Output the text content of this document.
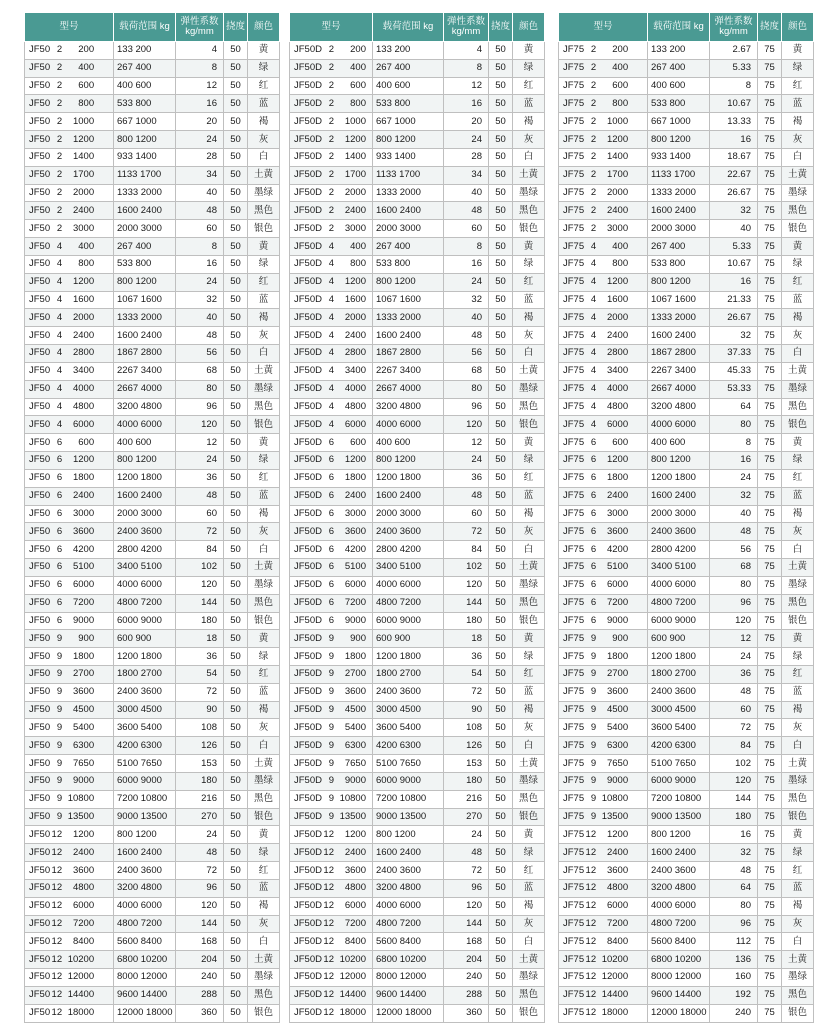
型号	载荷范围 kg	弹性系数
kg/mm	挠度	颜色
JF50 2 200	133 200	4	50	黄
JF50 2 400	267 400	8	50	绿
JF50 2 600	400 600	12	50	红
JF50 2 800	533 800	16	50	蓝
JF50 2 1000	667 1000	20	50	褐
JF50 2 1200	800 1200	24	50	灰
JF50 2 1400	933 1400	28	50	白
JF50 2 1700	1133 1700	34	50	土黄
JF50 2 2000	1333 2000	40	50	墨绿
JF50 2 2400	1600 2400	48	50	黑色
JF50 2 3000	2000 3000	60	50	银色
JF50 4 400	267 400	8	50	黄
JF50 4 800	533 800	16	50	绿
JF50 4 1200	800 1200	24	50	红
JF50 4 1600	1067 1600	32	50	蓝
JF50 4 2000	1333 2000	40	50	褐
JF50 4 2400	1600 2400	48	50	灰
JF50 4 2800	1867 2800	56	50	白
JF50 4 3400	2267 3400	68	50	土黄
JF50 4 4000	2667 4000	80	50	墨绿
JF50 4 4800	3200 4800	96	50	黑色
JF50 4 6000	4000 6000	120	50	银色
JF50 6 600	400 600	12	50	黄
JF50 6 1200	800 1200	24	50	绿
JF50 6 1800	1200 1800	36	50	红
JF50 6 2400	1600 2400	48	50	蓝
JF50 6 3000	2000 3000	60	50	褐
JF50 6 3600	2400 3600	72	50	灰
JF50 6 4200	2800 4200	84	50	白
JF50 6 5100	3400 5100	102	50	土黄
JF50 6 6000	4000 6000	120	50	墨绿
JF50 6 7200	4800 7200	144	50	黑色
JF50 6 9000	6000 9000	180	50	银色
JF50 9 900	600 900	18	50	黄
JF50 9 1800	1200 1800	36	50	绿
JF50 9 2700	1800 2700	54	50	红
JF50 9 3600	2400 3600	72	50	蓝
JF50 9 4500	3000 4500	90	50	褐
JF50 9 5400	3600 5400	108	50	灰
JF50 9 6300	4200 6300	126	50	白
JF50 9 7650	5100 7650	153	50	土黄
JF50 9 9000	6000 9000	180	50	墨绿
JF50 9 10800	7200 10800	216	50	黑色
JF50 9 13500	9000 13500	270	50	银色
JF5012 1200	800 1200	24	50	黄
JF5012 2400	1600 2400	48	50	绿
JF5012 3600	2400 3600	72	50	红
JF5012 4800	3200 4800	96	50	蓝
JF5012 6000	4000 6000	120	50	褐
JF5012 7200	4800 7200	144	50	灰
JF5012 8400	5600 8400	168	50	白
JF5012 10200	6800 10200	204	50	土黄
JF5012 12000	8000 12000	240	50	墨绿
JF5012 14400	9600 14400	288	50	黑色
JF5012 18000	12000 18000	360	50	银色
型号	载荷范围 kg	弹性系数
kg/mm	挠度	颜色
JF50D 2 200	133 200	4	50	黄
JF50D 2 400	267 400	8	50	绿
JF50D 2 600	400 600	12	50	红
JF50D 2 800	533 800	16	50	蓝
JF50D 2 1000	667 1000	20	50	褐
JF50D 2 1200	800 1200	24	50	灰
JF50D 2 1400	933 1400	28	50	白
JF50D 2 1700	1133 1700	34	50	土黄
JF50D 2 2000	1333 2000	40	50	墨绿
JF50D 2 2400	1600 2400	48	50	黑色
JF50D 2 3000	2000 3000	60	50	银色
JF50D 4 400	267 400	8	50	黄
JF50D 4 800	533 800	16	50	绿
JF50D 4 1200	800 1200	24	50	红
JF50D 4 1600	1067 1600	32	50	蓝
JF50D 4 2000	1333 2000	40	50	褐
JF50D 4 2400	1600 2400	48	50	灰
JF50D 4 2800	1867 2800	56	50	白
JF50D 4 3400	2267 3400	68	50	土黄
JF50D 4 4000	2667 4000	80	50	墨绿
JF50D 4 4800	3200 4800	96	50	黑色
JF50D 4 6000	4000 6000	120	50	银色
JF50D 6 600	400 600	12	50	黄
JF50D 6 1200	800 1200	24	50	绿
JF50D 6 1800	1200 1800	36	50	红
JF50D 6 2400	1600 2400	48	50	蓝
JF50D 6 3000	2000 3000	60	50	褐
JF50D 6 3600	2400 3600	72	50	灰
JF50D 6 4200	2800 4200	84	50	白
JF50D 6 5100	3400 5100	102	50	土黄
JF50D 6 6000	4000 6000	120	50	墨绿
JF50D 6 7200	4800 7200	144	50	黑色
JF50D 6 9000	6000 9000	180	50	银色
JF50D 9 900	600 900	18	50	黄
JF50D 9 1800	1200 1800	36	50	绿
JF50D 9 2700	1800 2700	54	50	红
JF50D 9 3600	2400 3600	72	50	蓝
JF50D 9 4500	3000 4500	90	50	褐
JF50D 9 5400	3600 5400	108	50	灰
JF50D 9 6300	4200 6300	126	50	白
JF50D 9 7650	5100 7650	153	50	土黄
JF50D 9 9000	6000 9000	180	50	墨绿
JF50D 9 10800	7200 10800	216	50	黑色
JF50D 9 13500	9000 13500	270	50	银色
JF50D12 1200	800 1200	24	50	黄
JF50D12 2400	1600 2400	48	50	绿
JF50D12 3600	2400 3600	72	50	红
JF50D12 4800	3200 4800	96	50	蓝
JF50D12 6000	4000 6000	120	50	褐
JF50D12 7200	4800 7200	144	50	灰
JF50D12 8400	5600 8400	168	50	白
JF50D12 10200	6800 10200	204	50	土黄
JF50D12 12000	8000 12000	240	50	墨绿
JF50D12 14400	9600 14400	288	50	黑色
JF50D12 18000	12000 18000	360	50	银色
型号	载荷范围 kg	弹性系数
kg/mm	挠度	颜色
JF75 2 200	133 200	2.67	75	黄
JF75 2 400	267 400	5.33	75	绿
JF75 2 600	400 600	8	75	红
JF75 2 800	533 800	10.67	75	蓝
JF75 2 1000	667 1000	13.33	75	褐
JF75 2 1200	800 1200	16	75	灰
JF75 2 1400	933 1400	18.67	75	白
JF75 2 1700	1133 1700	22.67	75	土黄
JF75 2 2000	1333 2000	26.67	75	墨绿
JF75 2 2400	1600 2400	32	75	黑色
JF75 2 3000	2000 3000	40	75	银色
JF75 4 400	267 400	5.33	75	黄
JF75 4 800	533 800	10.67	75	绿
JF75 4 1200	800 1200	16	75	红
JF75 4 1600	1067 1600	21.33	75	蓝
JF75 4 2000	1333 2000	26.67	75	褐
JF75 4 2400	1600 2400	32	75	灰
JF75 4 2800	1867 2800	37.33	75	白
JF75 4 3400	2267 3400	45.33	75	土黄
JF75 4 4000	2667 4000	53.33	75	墨绿
JF75 4 4800	3200 4800	64	75	黑色
JF75 4 6000	4000 6000	80	75	银色
JF75 6 600	400 600	8	75	黄
JF75 6 1200	800 1200	16	75	绿
JF75 6 1800	1200 1800	24	75	红
JF75 6 2400	1600 2400	32	75	蓝
JF75 6 3000	2000 3000	40	75	褐
JF75 6 3600	2400 3600	48	75	灰
JF75 6 4200	2800 4200	56	75	白
JF75 6 5100	3400 5100	68	75	土黄
JF75 6 6000	4000 6000	80	75	墨绿
JF75 6 7200	4800 7200	96	75	黑色
JF75 6 9000	6000 9000	120	75	银色
JF75 9 900	600 900	12	75	黄
JF75 9 1800	1200 1800	24	75	绿
JF75 9 2700	1800 2700	36	75	红
JF75 9 3600	2400 3600	48	75	蓝
JF75 9 4500	3000 4500	60	75	褐
JF75 9 5400	3600 5400	72	75	灰
JF75 9 6300	4200 6300	84	75	白
JF75 9 7650	5100 7650	102	75	土黄
JF75 9 9000	6000 9000	120	75	墨绿
JF75 9 10800	7200 10800	144	75	黑色
JF75 9 13500	9000 13500	180	75	银色
JF7512 1200	800 1200	16	75	黄
JF7512 2400	1600 2400	32	75	绿
JF7512 3600	2400 3600	48	75	红
JF7512 4800	3200 4800	64	75	蓝
JF7512 6000	4000 6000	80	75	褐
JF7512 7200	4800 7200	96	75	灰
JF7512 8400	5600 8400	112	75	白
JF7512 10200	6800 10200	136	75	土黄
JF7512 12000	8000 12000	160	75	墨绿
JF7512 14400	9600 14400	192	75	黑色
JF7512 18000	12000 18000	240	75	银色
